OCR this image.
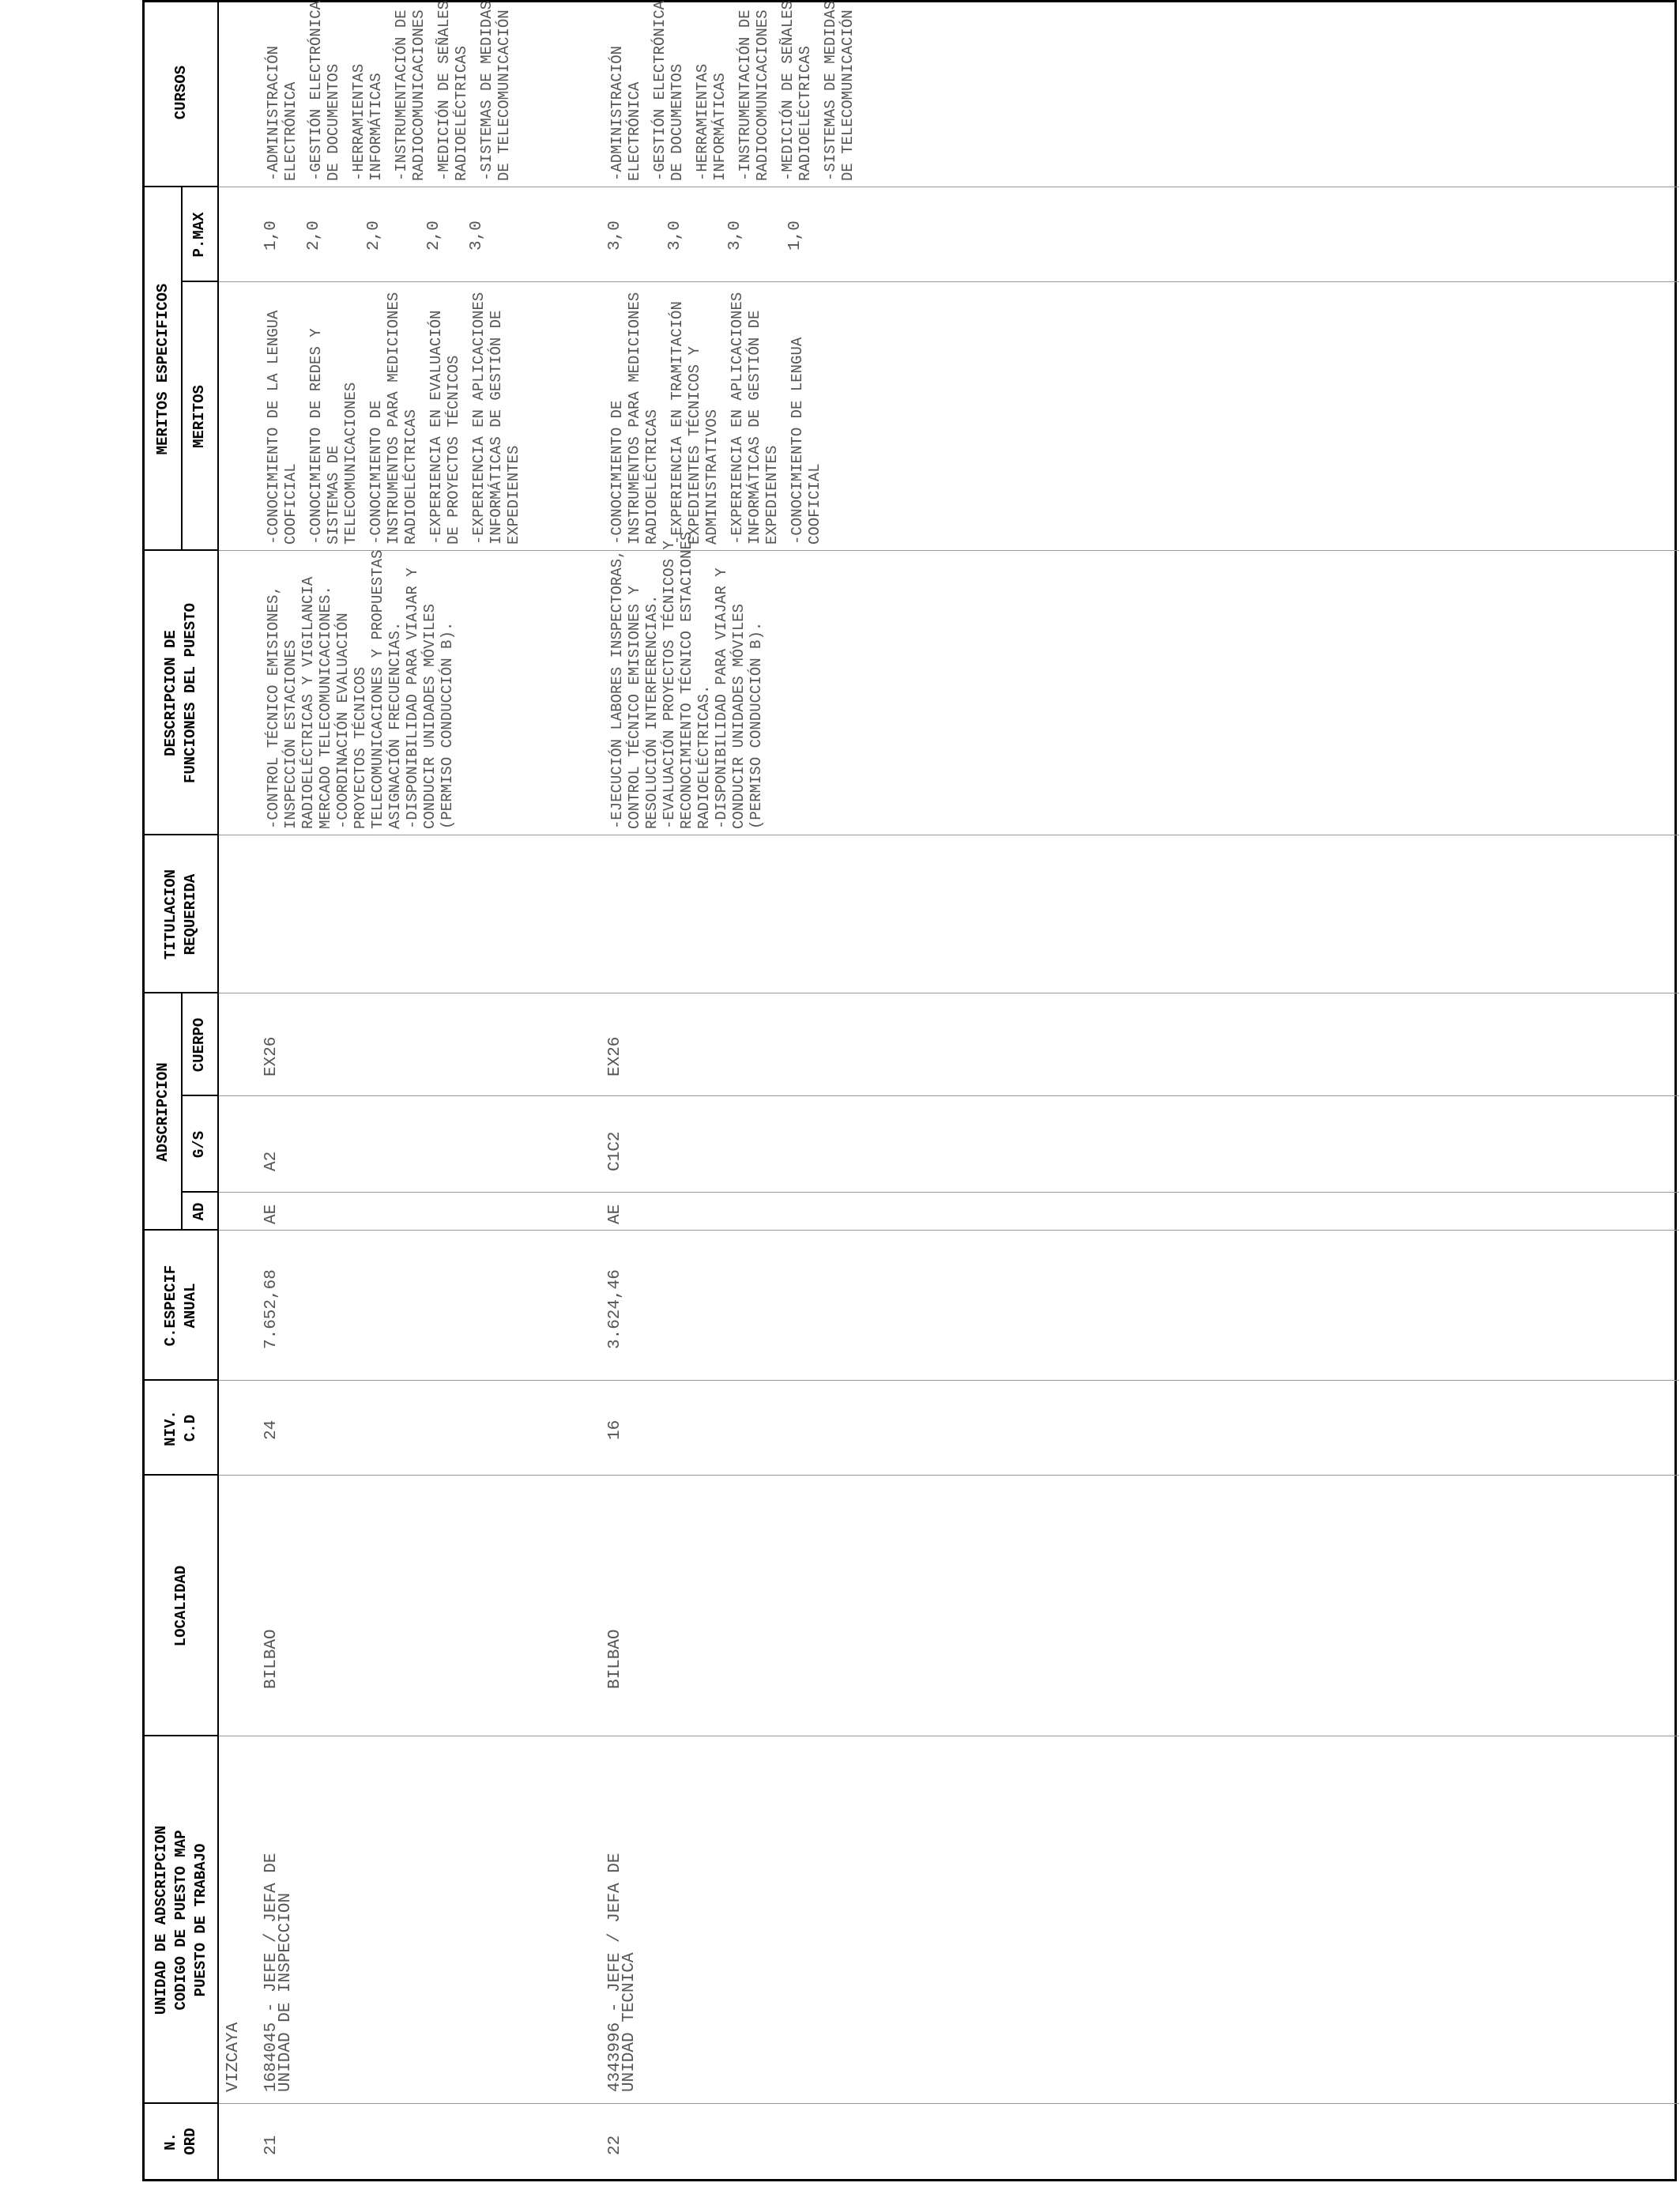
N. ORD
UNIDAD DE ADSCRIPCION CODIGO DE PUESTO MAP PUESTO DE TRABAJO
LOCALIDAD
NIV. C.D
C.ESPECIF ANUAL
ADSCRIPCION
AD
G/S
CUERPO
TITULACION REQUERIDA
DESCRIPCION DE FUNCIONES DEL PUESTO
MERITOS ESPECIFICOS MERITOS
P.MAX
CURSOS
VIZCAYA
21
1684045 - JEFE / JEFA DE
UNIDAD DE INSPECCION
BILBAO
24
7.652,68
AE
A2
EX26
-CONTROL TÉCNICO EMISIONES, INSPECCIÓN ESTACIONES RADIOELÉCTRICAS Y VIGILANCIA MERCADO TELECOMUNICACIONES. -COORDINACIÓN EVALUACIÓN PROYECTOS TÉCNICOS TELECOMUNICACIONES Y PROPUESTAS ASIGNACIÓN FRECUENCIAS. -DISPONIBILIDAD PARA VIAJAR Y CONDUCIR UNIDADES MÓVILES (PERMISO CONDUCCIÓN B).
-CONOCIMIENTO DE LA LENGUA COOFICIAL
1,0
-CONOCIMIENTO DE REDES Y SISTEMAS DE TELECOMUNICACIONES
2,0
-CONOCIMIENTO DE INSTRUMENTOS PARA MEDICIONES RADIOELÉCTRICAS
2,0
-EXPERIENCIA EN EVALUACIÓN DE PROYECTOS TÉCNICOS
2,0
-EXPERIENCIA EN APLICACIONES INFORMÁTICAS DE GESTIÓN DE EXPEDIENTES
3,0
-ADMINISTRACIÓN ELECTRÓNICA -GESTIÓN ELECTRÓNICA DE DOCUMENTOS -HERRAMIENTAS INFORMÁTICAS -INSTRUMENTACIÓN DE RADIOCOMUNICACIONES -MEDICIÓN DE SEÑALES RADIOELÉCTRICAS -SISTEMAS DE MEDIDAS DE TELECOMUNICACIÓN
22
4343996 - JEFE / JEFA DE
UNIDAD TECNICA
BILBAO
16
3.624,46
AE
C1C2
EX26
-EJECUCIÓN LABORES INSPECTORAS, CONTROL TÉCNICO EMISIONES Y RESOLUCIÓN INTERFERENCIAS. -EVALUACIÓN PROYECTOS TÉCNICOS Y RECONOCIMIENTO TÉCNICO ESTACIONES RADIOELÉCTRICAS. -DISPONIBILIDAD PARA VIAJAR Y CONDUCIR UNIDADES MÓVILES (PERMISO CONDUCCIÓN B).
-CONOCIMIENTO DE INSTRUMENTOS PARA MEDICIONES RADIOELÉCTRICAS
3,0
-EXPERIENCIA EN TRAMITACIÓN EXPEDIENTES TÉCNICOS Y ADMINISTRATIVOS
3,0
-EXPERIENCIA EN APLICACIONES INFORMÁTICAS DE GESTIÓN DE EXPEDIENTES
3,0
-CONOCIMIENTO DE LENGUA COOFICIAL
1,0
-ADMINISTRACIÓN ELECTRÓNICA -GESTIÓN ELECTRÓNICA DE DOCUMENTOS -HERRAMIENTAS INFORMÁTICAS -INSTRUMENTACIÓN DE RADIOCOMUNICACIONES -MEDICIÓN DE SEÑALES RADIOELÉCTRICAS -SISTEMAS DE MEDIDAS DE TELECOMUNICACIÓN
